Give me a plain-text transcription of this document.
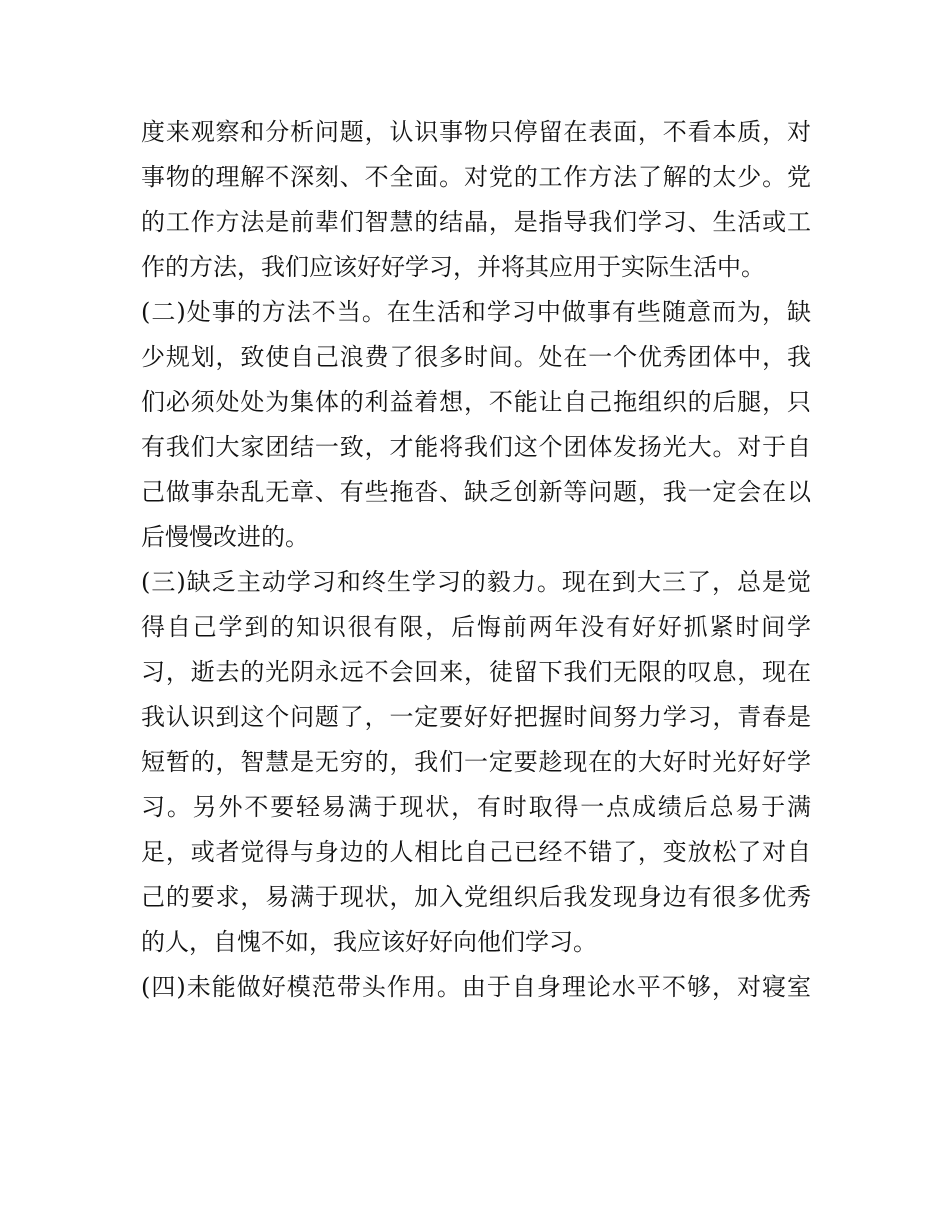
度来观察和分析问题，认识事物只停留在表面，不看本质，对
事物的理解不深刻、不全面。对党的工作方法了解的太少。党
的工作方法是前辈们智慧的结晶，是指导我们学习、生活或工
作的方法，我们应该好好学习，并将其应用于实际生活中。
(二)处事的方法不当。在生活和学习中做事有些随意而为，缺
少规划，致使自己浪费了很多时间。处在一个优秀团体中，我
们必须处处为集体的利益着想，不能让自己拖组织的后腿，只
有我们大家团结一致，才能将我们这个团体发扬光大。对于自
己做事杂乱无章、有些拖沓、缺乏创新等问题，我一定会在以
后慢慢改进的。
(三)缺乏主动学习和终生学习的毅力。现在到大三了，总是觉
得自己学到的知识很有限，后悔前两年没有好好抓紧时间学
习，逝去的光阴永远不会回来，徒留下我们无限的叹息，现在
我认识到这个问题了，一定要好好把握时间努力学习，青春是
短暂的，智慧是无穷的，我们一定要趁现在的大好时光好好学
习。另外不要轻易满于现状，有时取得一点成绩后总易于满
足，或者觉得与身边的人相比自己已经不错了，变放松了对自
己的要求，易满于现状，加入党组织后我发现身边有很多优秀
的人，自愧不如，我应该好好向他们学习。
(四)未能做好模范带头作用。由于自身理论水平不够，对寝室
